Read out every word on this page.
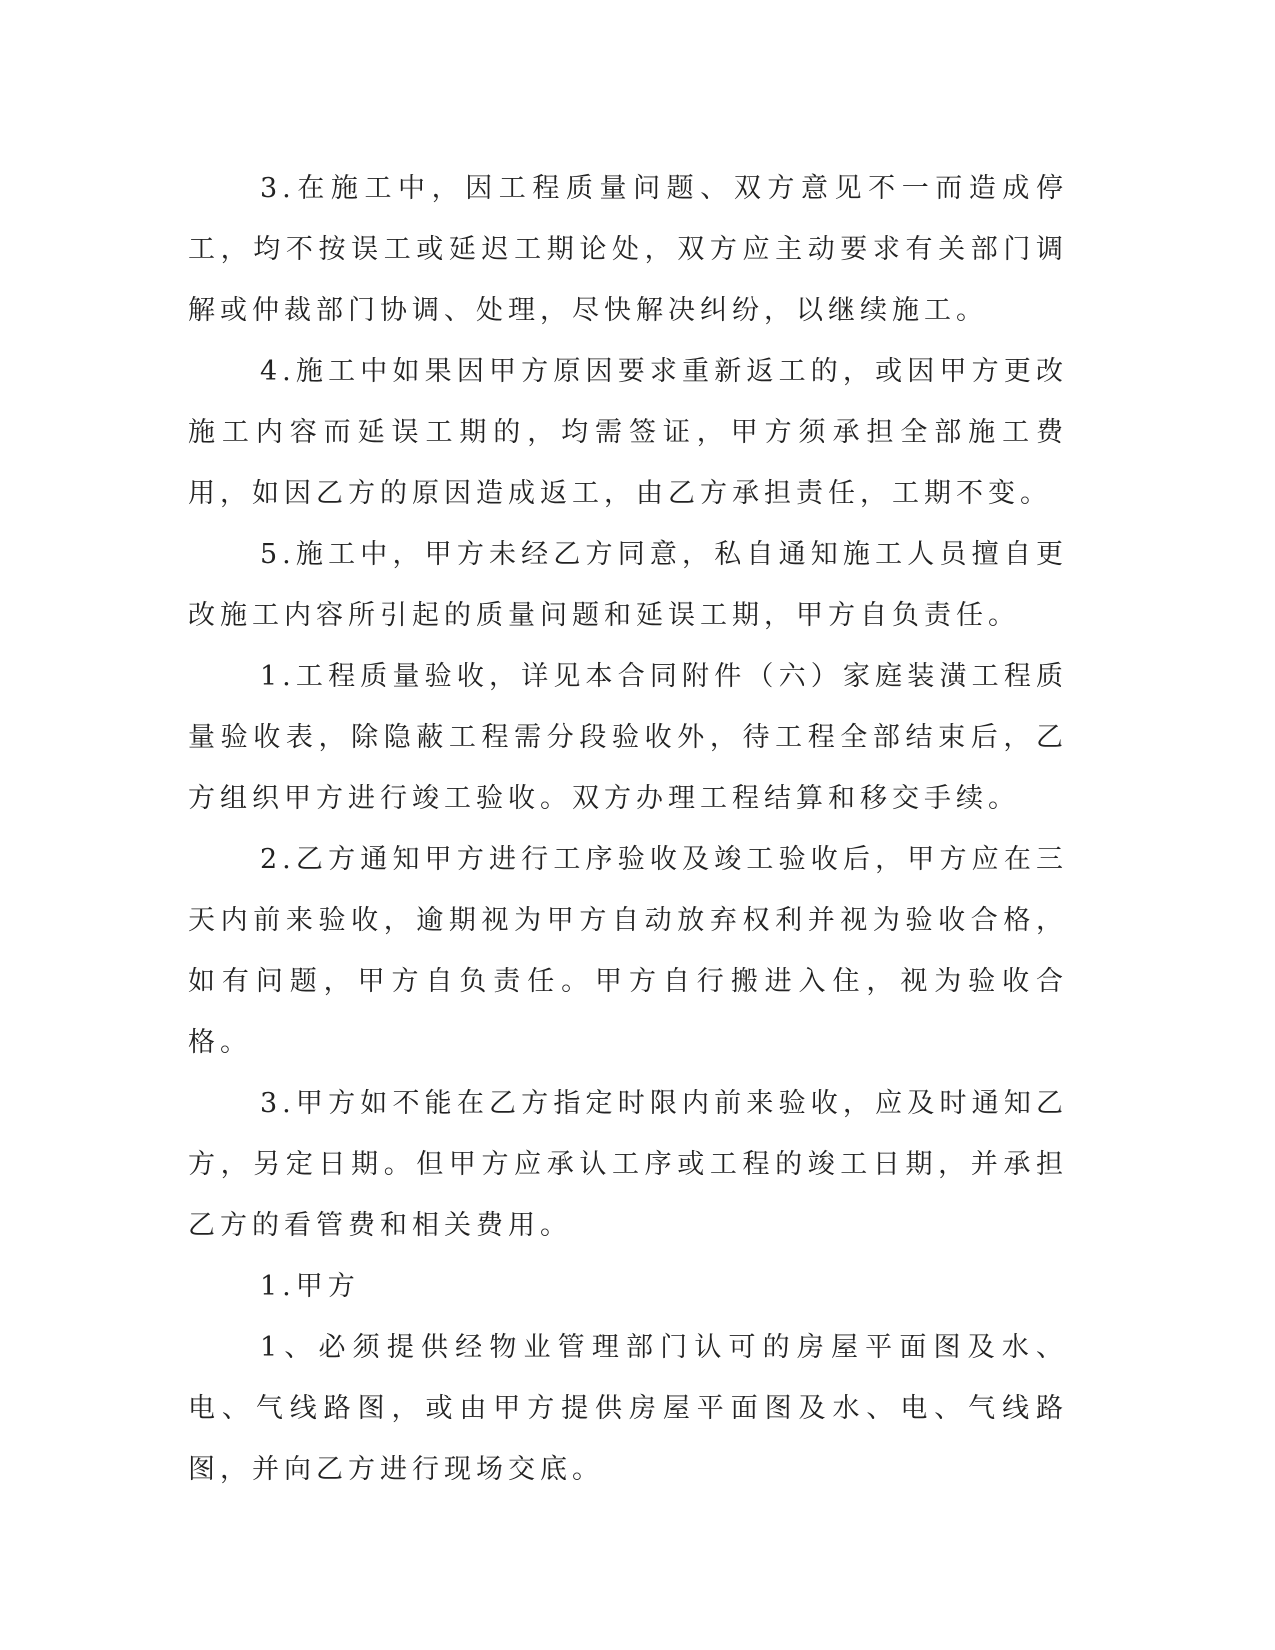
3.在施工中，因工程质量问题、双方意见不一而造成停工，均不按误工或延迟工期论处，双方应主动要求有关部门调解或仲裁部门协调、处理，尽快解决纠纷，以继续施工。

4.施工中如果因甲方原因要求重新返工的，或因甲方更改施工内容而延误工期的，均需签证，甲方须承担全部施工费用，如因乙方的原因造成返工，由乙方承担责任，工期不变。

5.施工中，甲方未经乙方同意，私自通知施工人员擅自更改施工内容所引起的质量问题和延误工期，甲方自负责任。

1.工程质量验收，详见本合同附件（六）家庭装潢工程质量验收表，除隐蔽工程需分段验收外，待工程全部结束后，乙方组织甲方进行竣工验收。双方办理工程结算和移交手续。

2.乙方通知甲方进行工序验收及竣工验收后，甲方应在三天内前来验收，逾期视为甲方自动放弃权利并视为验收合格，如有问题，甲方自负责任。甲方自行搬进入住，视为验收合格。

3.甲方如不能在乙方指定时限内前来验收，应及时通知乙方，另定日期。但甲方应承认工序或工程的竣工日期，并承担乙方的看管费和相关费用。

1.甲方

1、必须提供经物业管理部门认可的房屋平面图及水、电、气线路图，或由甲方提供房屋平面图及水、电、气线路图，并向乙方进行现场交底。
